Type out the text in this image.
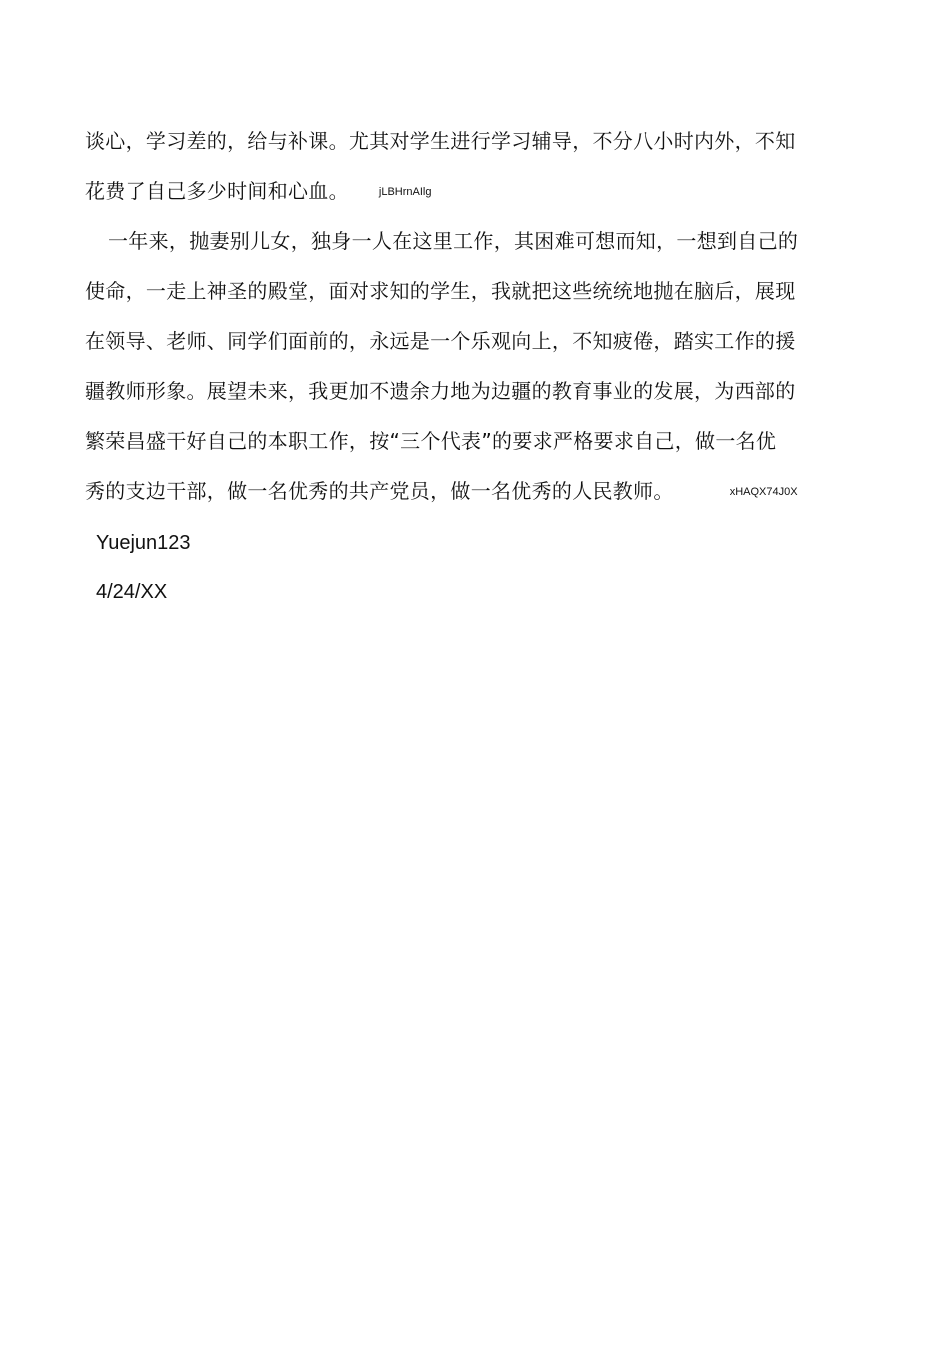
谈心，学习差的，给与补课。尤其对学生进行学习辅导，不分八小时内外，不知
花费了自己多少时间和心血。	jLBHrnAIlg
一年来，抛妻别儿女，独身一人在这里工作，其困难可想而知，一想到自己的
使命，一走上神圣的殿堂，面对求知的学生，我就把这些统统地抛在脑后，展现
在领导、老师、同学们面前的，永远是一个乐观向上，不知疲倦，踏实工作的援
疆教师形象。展望未来，我更加不遗余力地为边疆的教育事业的发展，为西部的
繁荣昌盛干好自己的本职工作，按“三个代表”的要求严格要求自己，做一名优
秀的支边干部，做一名优秀的共产党员，做一名优秀的人民教师。	xHAQX74J0X
Yuejun123
4/24/XX
